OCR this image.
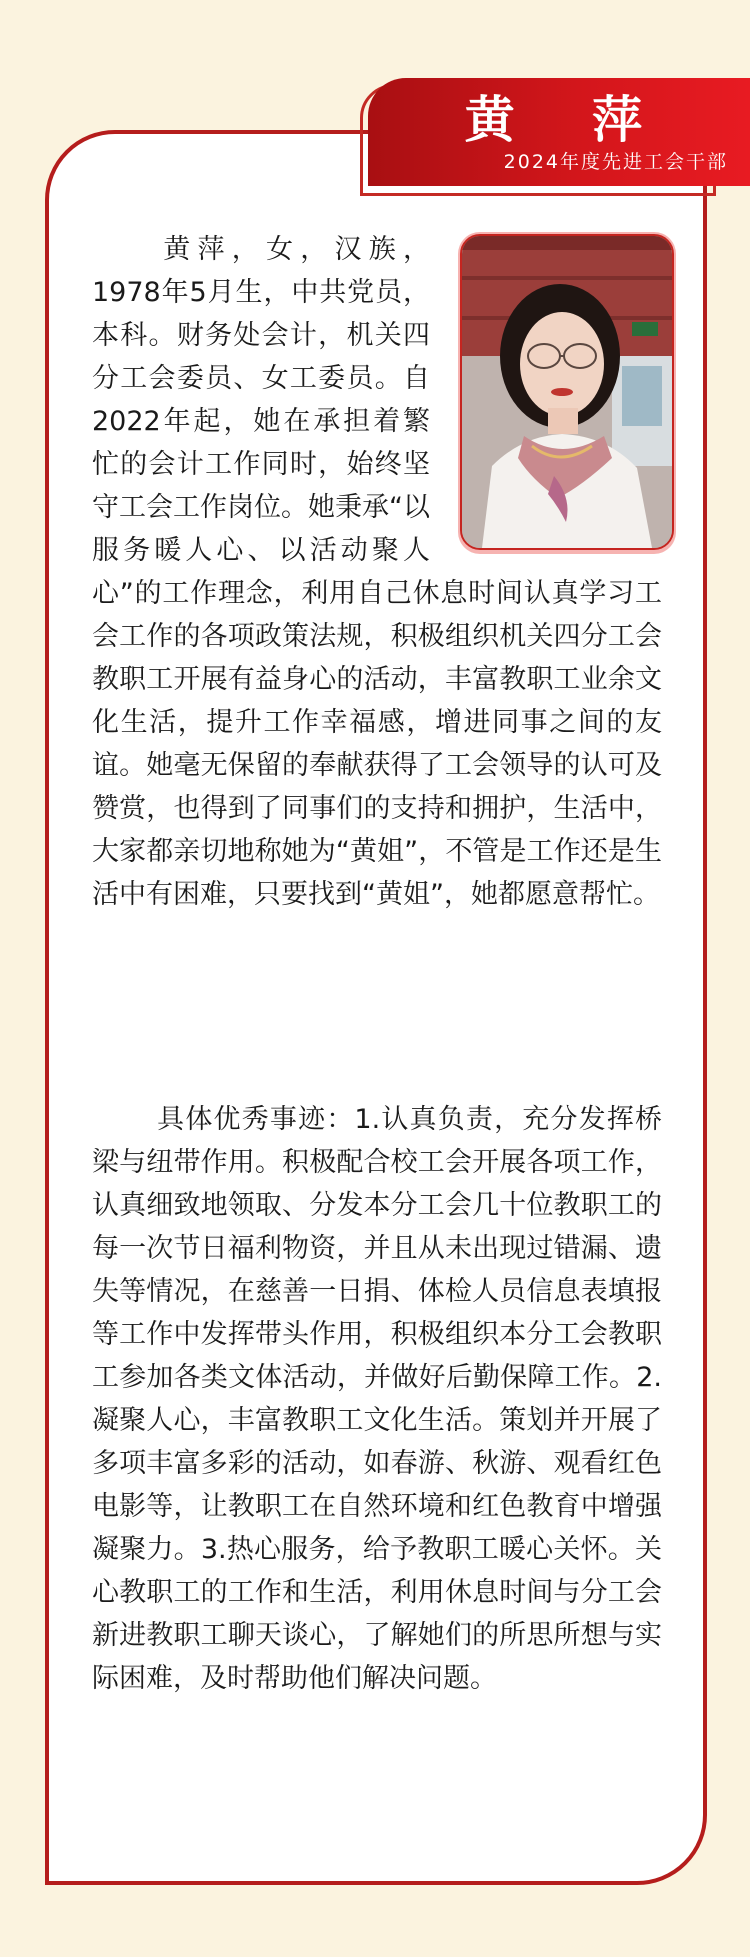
黄 萍
2024年度先进工会干部

黄萍，女，汉族，1978年5月生，中共党员，本科。财务处会计，机关四分工会委员、女工委员。自2022年起，她在承担着繁忙的会计工作同时，始终坚守工会工作岗位。她秉承“以服务暖人心、以活动聚人心”的工作理念，利用自己休息时间认真学习工会工作的各项政策法规，积极组织机关四分工会教职工开展有益身心的活动，丰富教职工业余文化生活，提升工作幸福感，增进同事之间的友谊。她毫无保留的奉献获得了工会领导的认可及赞赏，也得到了同事们的支持和拥护，生活中，大家都亲切地称她为“黄姐”，不管是工作还是生活中有困难，只要找到“黄姐”，她都愿意帮忙。

具体优秀事迹：1.认真负责，充分发挥桥梁与纽带作用。积极配合校工会开展各项工作，认真细致地领取、分发本分工会几十位教职工的每一次节日福利物资，并且从未出现过错漏、遗失等情况，在慈善一日捐、体检人员信息表填报等工作中发挥带头作用，积极组织本分工会教职工参加各类文体活动，并做好后勤保障工作。2.凝聚人心，丰富教职工文化生活。策划并开展了多项丰富多彩的活动，如春游、秋游、观看红色电影等，让教职工在自然环境和红色教育中增强凝聚力。3.热心服务，给予教职工暖心关怀。关心教职工的工作和生活，利用休息时间与分工会新进教职工聊天谈心，了解她们的所思所想与实际困难，及时帮助他们解决问题。
